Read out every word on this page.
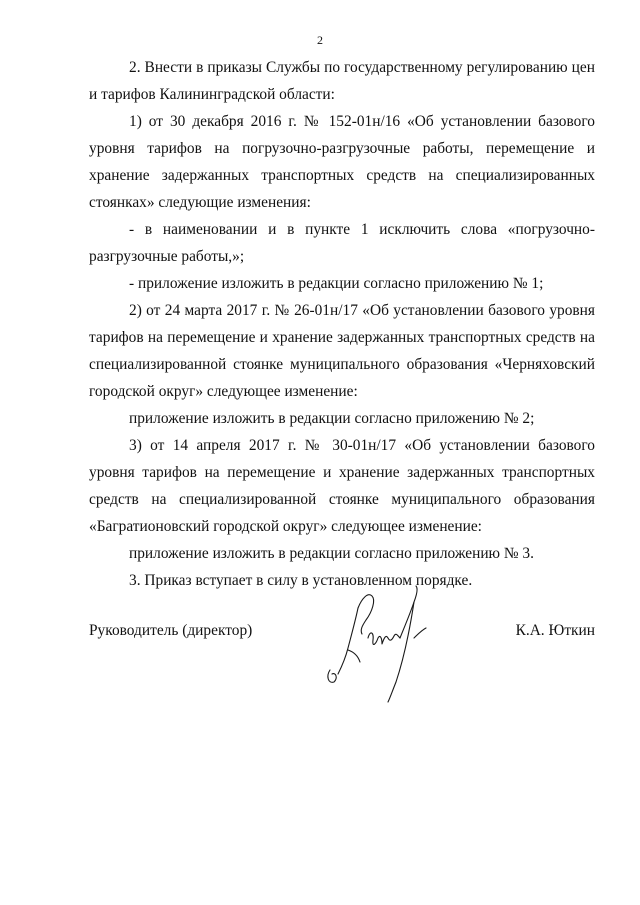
2

2. Внести в приказы Службы по государственному регулированию цен и тарифов Калининградской области:

1) от 30 декабря 2016 г. № 152-01н/16 «Об установлении базового уровня тарифов на погрузочно-разгрузочные работы, перемещение и хранение задержанных транспортных средств на специализированных стоянках» следующие изменения:

- в наименовании и в пункте 1 исключить слова «погрузочно-разгрузочные работы,»;

- приложение изложить в редакции согласно приложению № 1;

2) от 24 марта 2017 г. № 26-01н/17 «Об установлении базового уровня тарифов на перемещение и хранение задержанных транспортных средств на специализированной стоянке муниципального образования «Черняховский городской округ» следующее изменение:

приложение изложить в редакции согласно приложению № 2;

3) от 14 апреля 2017 г. № 30-01н/17 «Об установлении базового уровня тарифов на перемещение и хранение задержанных транспортных средств на специализированной стоянке муниципального образования «Багратионовский городской округ» следующее изменение:

приложение изложить в редакции согласно приложению № 3.

3. Приказ вступает в силу в установленном порядке.

Руководитель (директор)	К.А. Юткин
